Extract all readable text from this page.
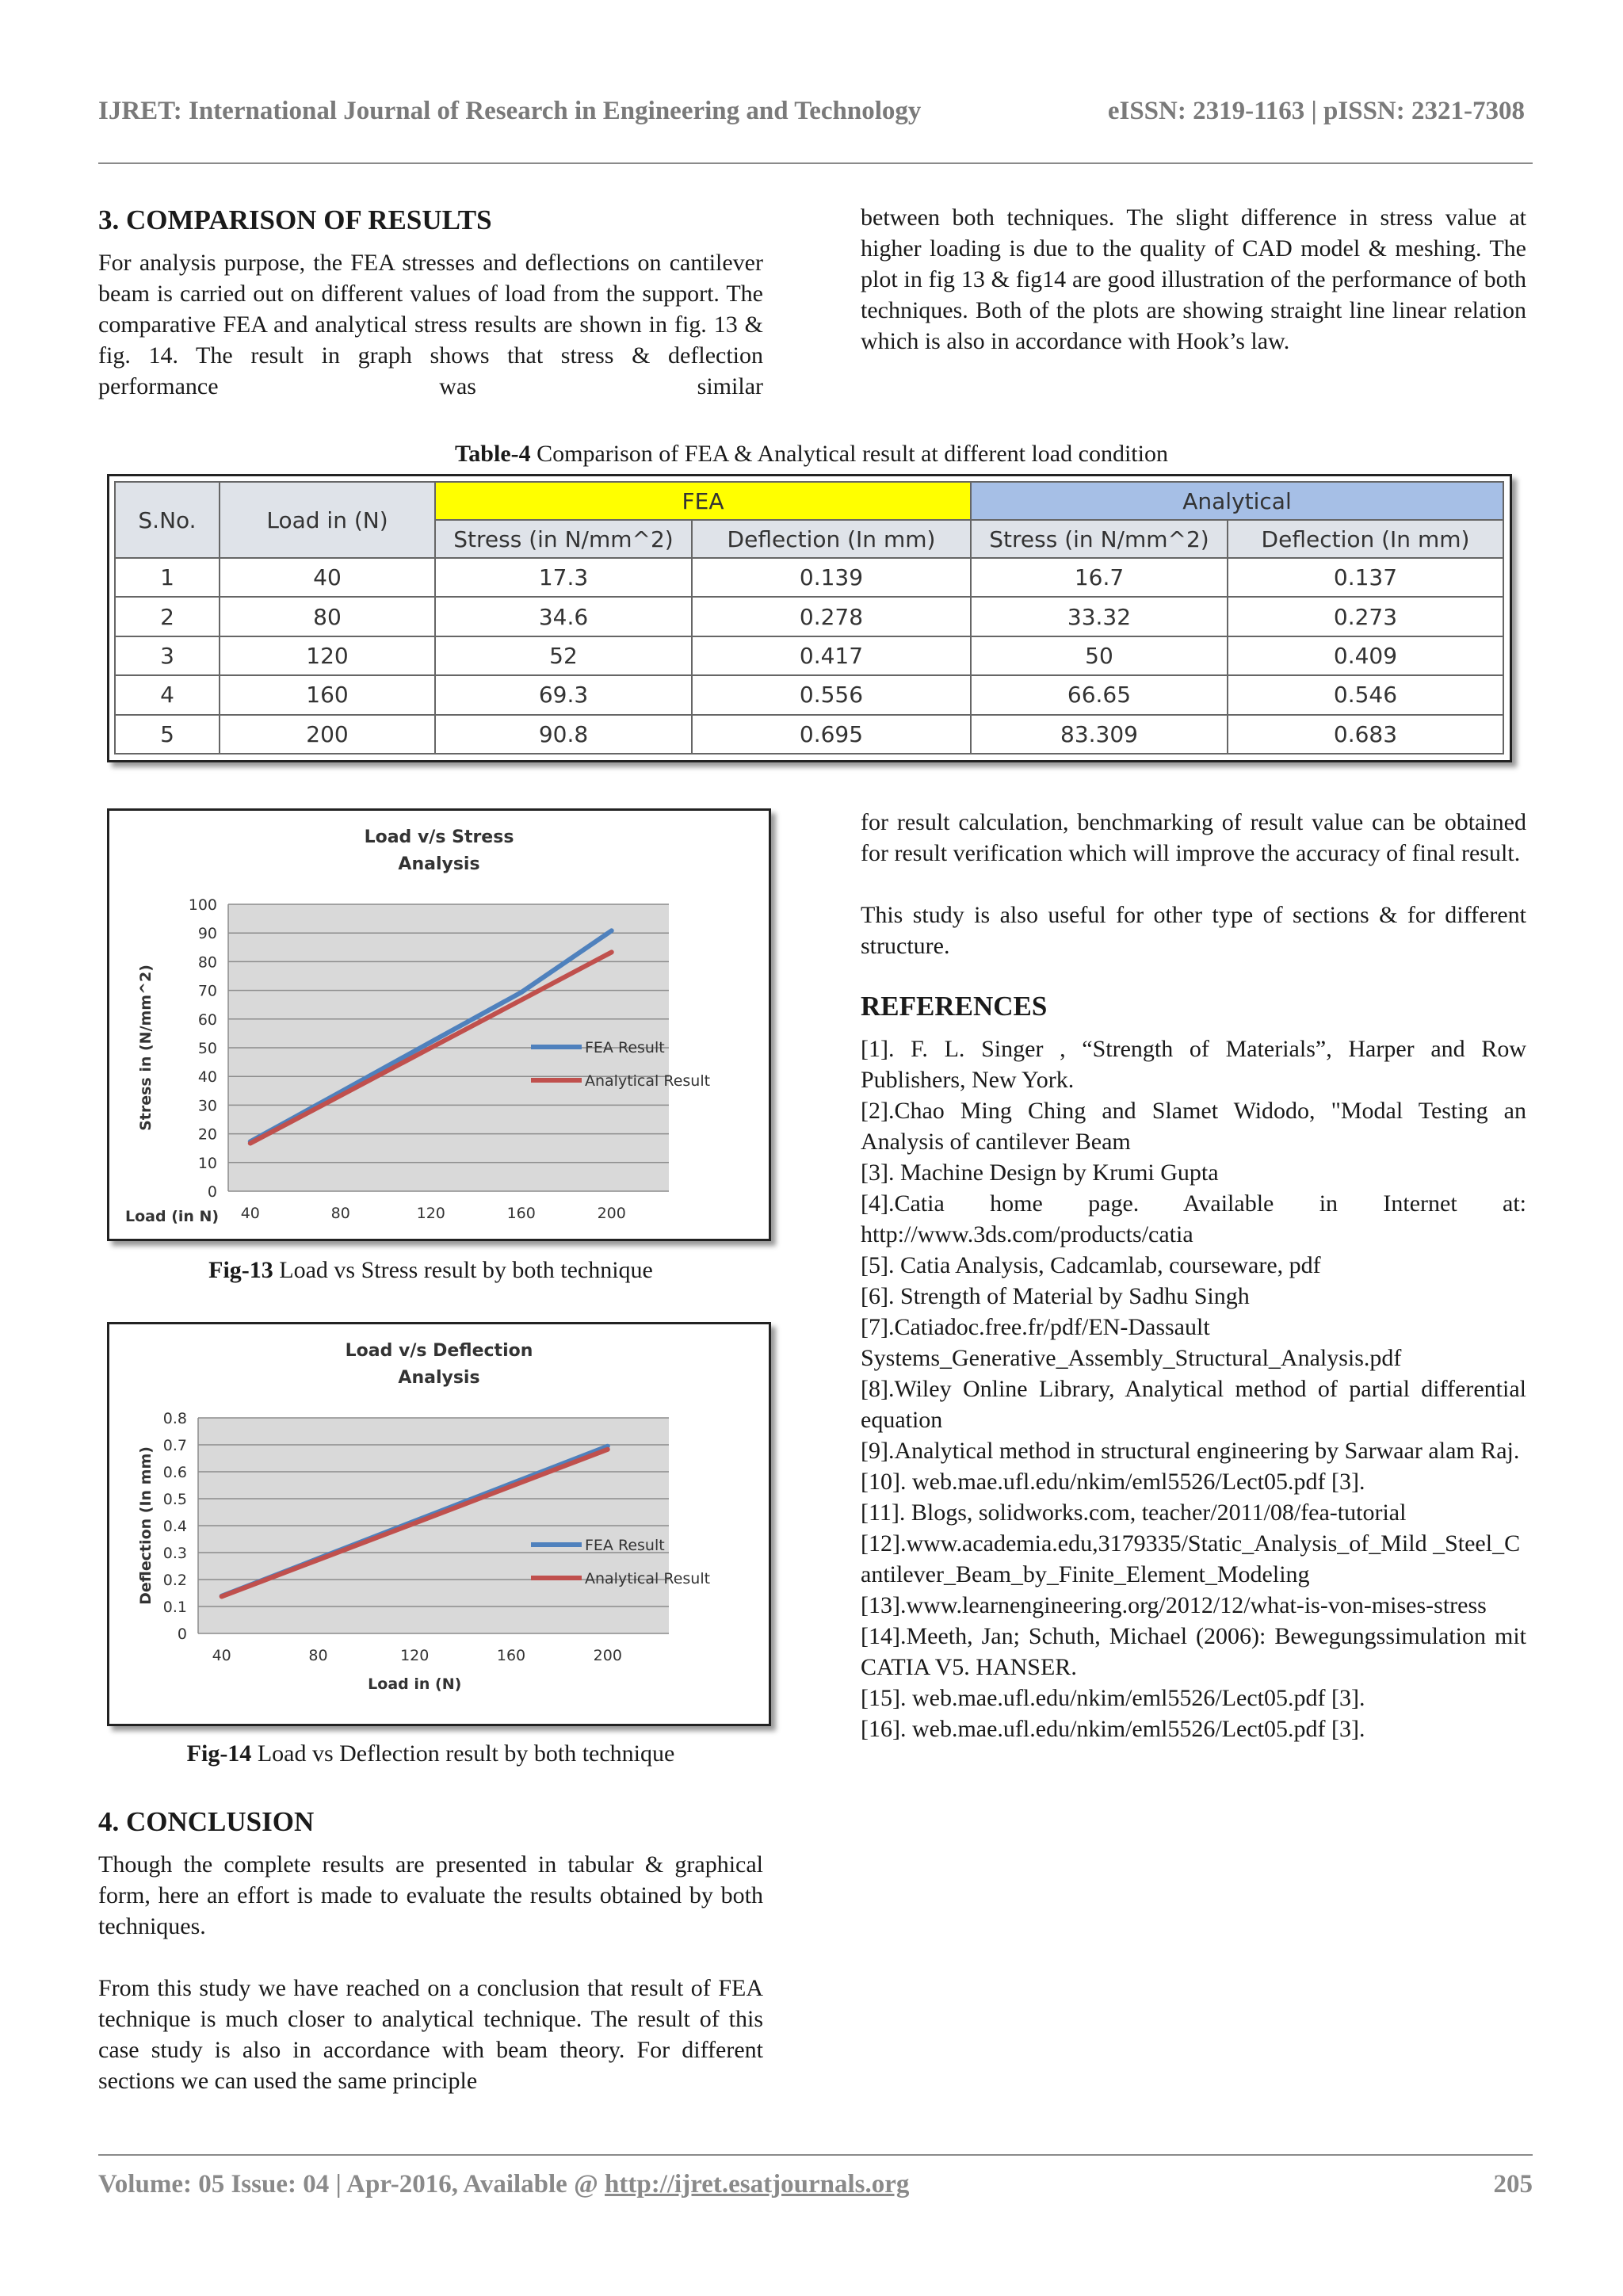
IJRET: International Journal of Research in Engineering and Technology	eISSN: 2319-1163 | pISSN: 2321-7308
3. COMPARISON OF RESULTS

For analysis purpose, the FEA stresses and deflections on cantilever beam is carried out on different values of load from the support. The comparative FEA and analytical stress results are shown in fig. 13 & fig. 14. The result in graph shows that stress & deflection performance was similar

between both techniques. The slight difference in stress value at higher loading is due to the quality of CAD model & meshing. The plot in fig 13 & fig14 are good illustration of the performance of both techniques. Both of the plots are showing straight line linear relation which is also in accordance with Hook’s law.

Table-4 Comparison of FEA & Analytical result at different load condition
S.No.	Load in (N)	FEA		Analytical	
		Stress (in N/mm^2)	Deflection (In mm)	Stress (in N/mm^2)	Deflection (In mm)
1	40	17.3	0.139	16.7	0.137
2	80	34.6	0.278	33.32	0.273
3	120	52	0.417	50	0.409
4	160	69.3	0.556	66.65	0.546
5	200	90.8	0.695	83.309	0.683
Load v/s Stress
Analysis
0
10
20
30
40
50
60
70
80
90
100
40	80	120	160	200
Load (in N)
Stress in (N/mm^2)	FEA Result
Analytical Result
Fig-13 Load vs Stress result by both technique
Load v/s Deflection
Analysis
0
0.1
0.2
0.3
0.4
0.5
0.6
0.7
0.8
40	80	120	160	200
Load in (N)
Deflection (In mm)	FEA Result
Analytical Result
Fig-14 Load vs Deflection result by both technique
4. CONCLUSION

Though the complete results are presented in tabular & graphical form, here an effort is made to evaluate the results obtained by both techniques.

From this study we have reached on a conclusion that result of FEA technique is much closer to analytical technique. The result of this case study is also in accordance with beam theory. For different sections we can used the same principle

for result calculation, benchmarking of result value can be obtained for result verification which will improve the accuracy of final result.

This study is also useful for other type of sections & for different structure.

REFERENCES

[1]. F. L. Singer , “Strength of Materials”, Harper and Row Publishers, New York.

[2].Chao Ming Ching and Slamet Widodo, "Modal Testing an Analysis of cantilever Beam

[3]. Machine Design by Krumi Gupta

[4].Catia home page. Available in Internet at: http://www.3ds.com/products/catia

[5]. Catia Analysis, Cadcamlab, courseware, pdf

[6]. Strength of Material by Sadhu Singh

[7].Catiadoc.free.fr/pdf/EN-Dassault Systems_Generative_Assembly_Structural_Analysis.pdf

[8].Wiley Online Library, Analytical method of partial differential equation

[9].Analytical method in structural engineering by Sarwaar alam Raj.

[10]. web.mae.ufl.edu/nkim/eml5526/Lect05.pdf [3].

[11]. Blogs, solidworks.com, teacher/2011/08/fea-tutorial

[12].www.academia.edu,3179335/Static_Analysis_of_Mild _Steel_Cantilever_Beam_by_Finite_Element_Modeling

[13].www.learnengineering.org/2012/12/what-is-von-mises-stress

[14].Meeth, Jan; Schuth, Michael (2006): Bewegungssimulation mit CATIA V5. HANSER.

[15]. web.mae.ufl.edu/nkim/eml5526/Lect05.pdf [3].

[16]. web.mae.ufl.edu/nkim/eml5526/Lect05.pdf [3].

Volume: 05 Issue: 04 | Apr-2016, Available @ http://ijret.esatjournals.org	205
